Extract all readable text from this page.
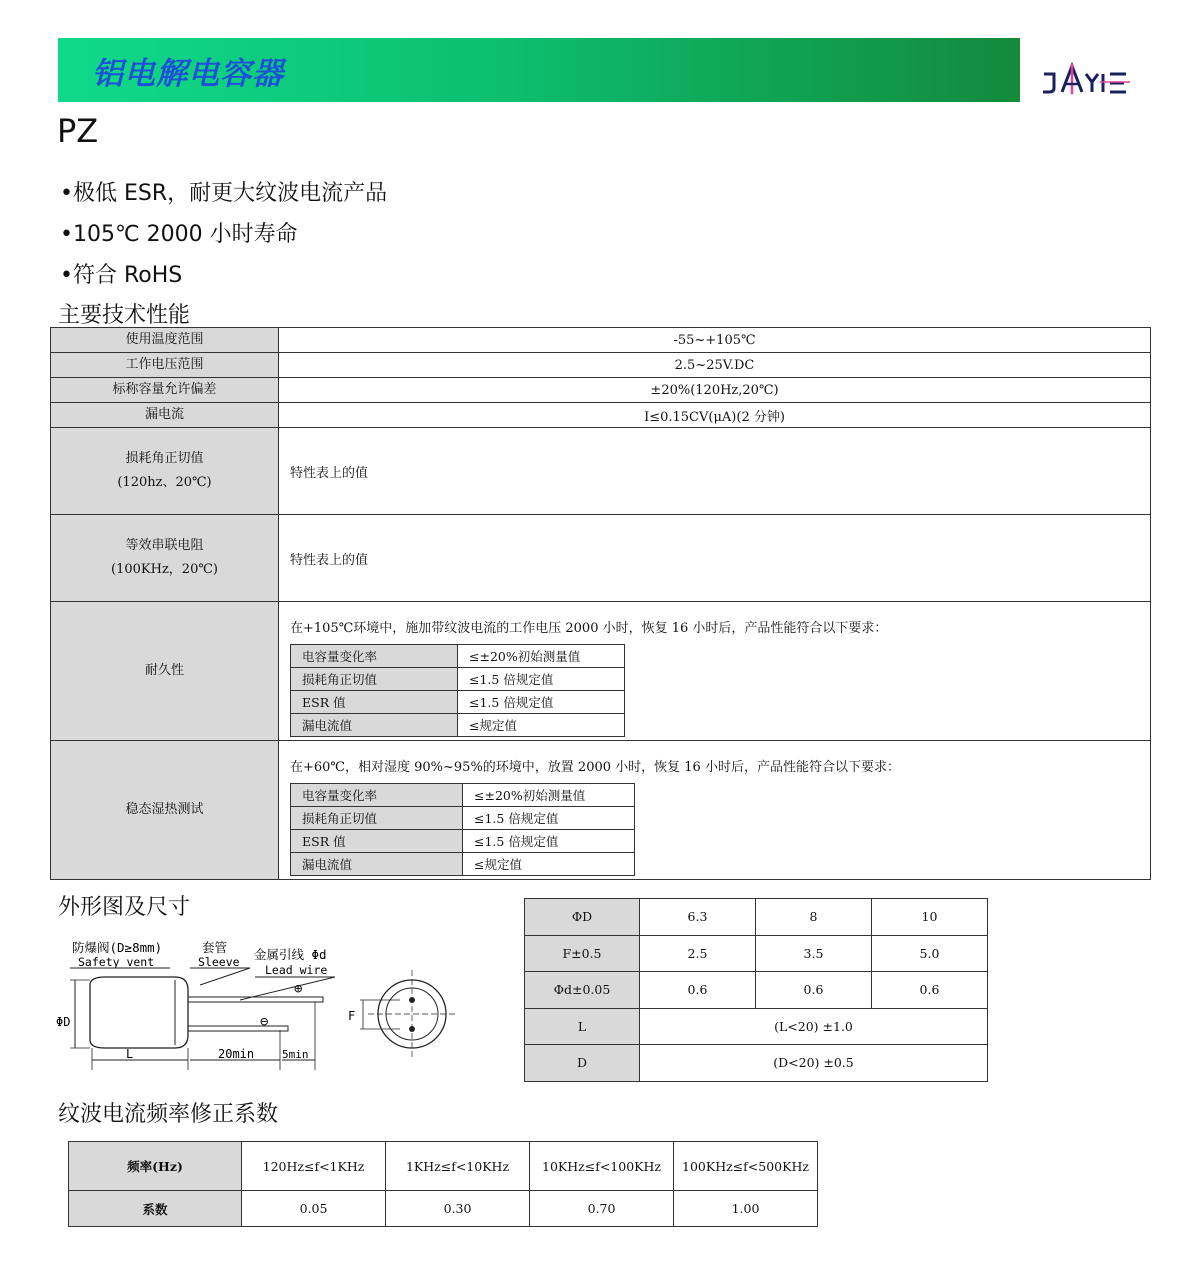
铝电解电容器
PZ
•极低 ESR，耐更大纹波电流产品
•105℃ 2000 小时寿命
•符合 RoHS
主要技术性能
使用温度范围	-55~+105℃
工作电压范围	2.5~25V.DC
标称容量允许偏差	±20%(120Hz,20℃)
漏电流	I≤0.15CV(μA)(2 分钟)

损耗角正切值
(120hz、20℃)
	特性表上的值

等效串联电阻
(100KHz，20℃)
	特性表上的值
耐久性	
在+105℃环境中，施加带纹波电流的工作电压 2000 小时，恢复 16 小时后，产品性能符合以下要求：
电容量变化率	≤±20%初始测量值
损耗角正切值	≤1.5 倍规定值
ESR 值	≤1.5 倍规定值
漏电流值	≤规定值

稳态湿热测试	
在+60℃，相对湿度 90%~95%的环境中，放置 2000 小时，恢复 16 小时后，产品性能符合以下要求：
电容量变化率	≤±20%初始测量值
损耗角正切值	≤1.5 倍规定值
ESR 值	≤1.5 倍规定值
漏电流值	≤规定值
外形图及尺寸
防爆阀(D≥8mm)
Safety vent
套管
Sleeve 金属引线 Φd
Lead wire
⊕
⊖
ΦD
L	20min	5min
F
ΦD	6.3	8	10
F±0.5	2.5	3.5	5.0
Φd±0.05	0.6	0.6	0.6
L	(L<20) ±1.0		
D	(D<20) ±0.5		
纹波电流频率修正系数
频率(Hz)	120Hz≤f<1KHz	1KHz≤f<10KHz	10KHz≤f<100KHz	100KHz≤f<500KHz
系数	0.05	0.30	0.70	1.00
